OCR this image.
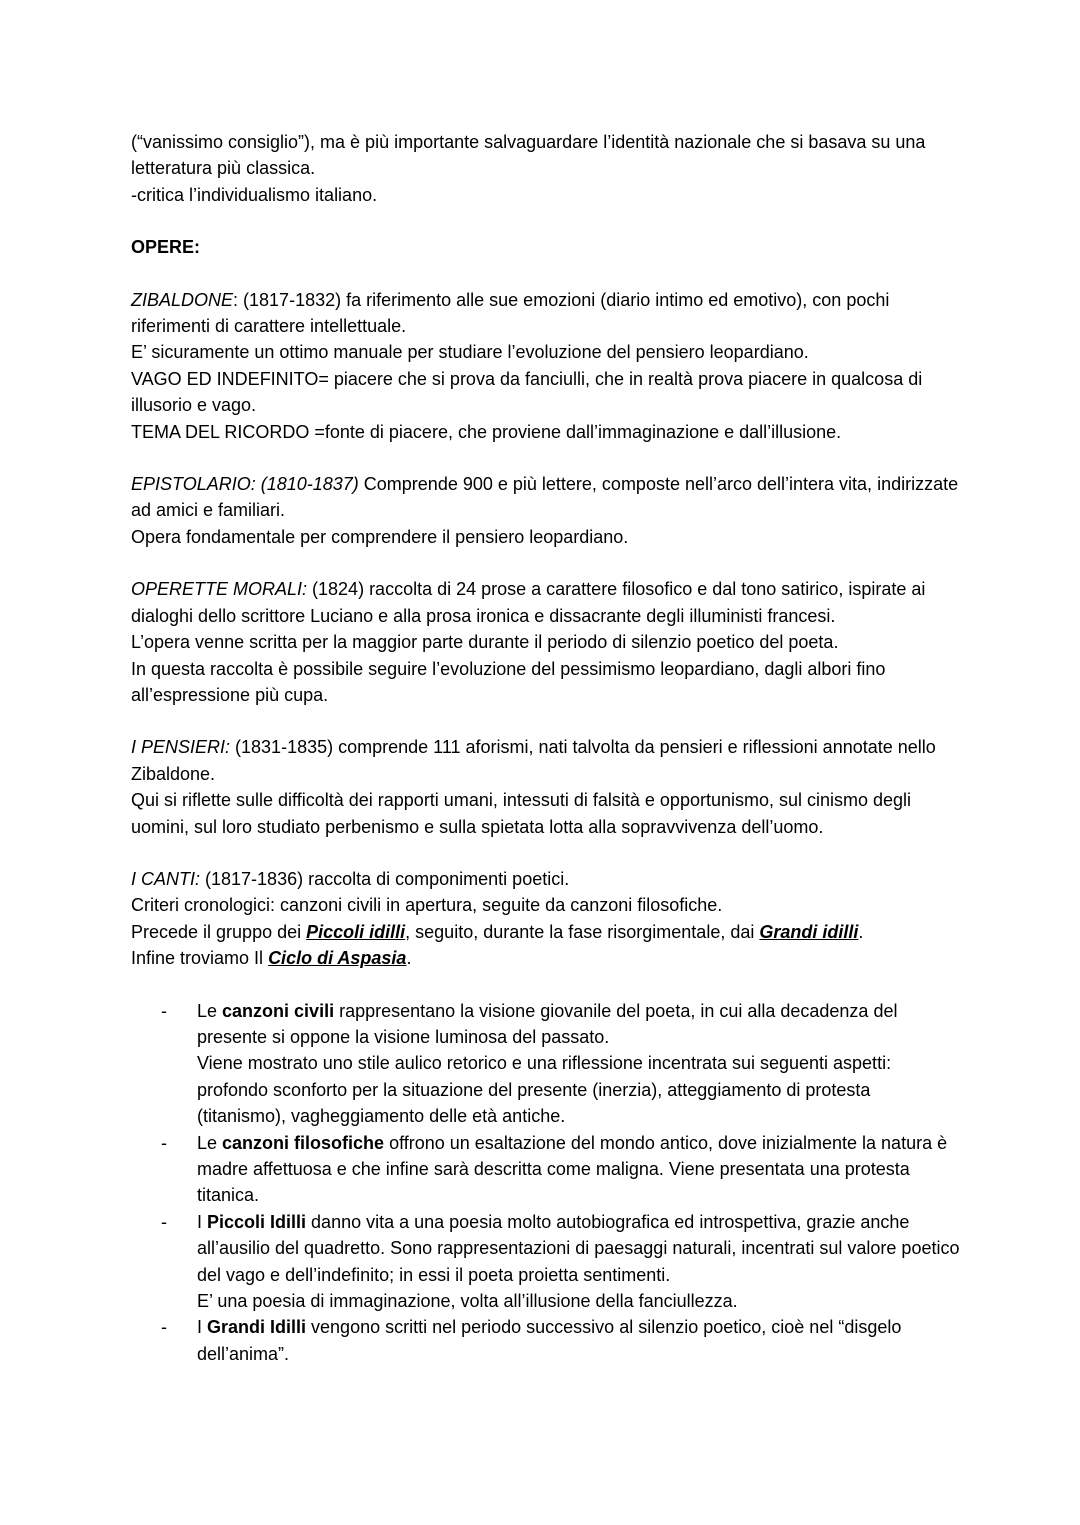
(“vanissimo consiglio”), ma è più importante salvaguardare l’identità nazionale che si basava su una letteratura più classica.

-critica l’individualismo italiano.

OPERE:

ZIBALDONE: (1817-1832) fa riferimento alle sue emozioni (diario intimo ed emotivo), con pochi riferimenti di carattere intellettuale.

E’ sicuramente un ottimo manuale per studiare l’evoluzione del pensiero leopardiano.

VAGO ED INDEFINITO= piacere che si prova da fanciulli, che in realtà prova piacere in qualcosa di illusorio e vago.

TEMA DEL RICORDO =fonte di piacere, che proviene dall’immaginazione e dall’illusione.

EPISTOLARIO: (1810-1837) Comprende 900 e più lettere, composte nell’arco dell’intera vita, indirizzate ad amici e familiari.

Opera fondamentale per comprendere il pensiero leopardiano.

OPERETTE MORALI: (1824) raccolta di 24 prose a carattere filosofico e dal tono satirico, ispirate ai dialoghi dello scrittore Luciano e alla prosa ironica e dissacrante degli illuministi francesi.

L’opera venne scritta per la maggior parte durante il periodo di silenzio poetico del poeta.

In questa raccolta è possibile seguire l’evoluzione del pessimismo leopardiano, dagli albori fino all’espressione più cupa.

I PENSIERI: (1831-1835) comprende 111 aforismi, nati talvolta da pensieri e riflessioni annotate nello Zibaldone.

Qui si riflette sulle difficoltà dei rapporti umani, intessuti di falsità e opportunismo, sul cinismo degli uomini, sul loro studiato perbenismo e sulla spietata lotta alla sopravvivenza dell’uomo.

I CANTI: (1817-1836) raccolta di componimenti poetici.

Criteri cronologici: canzoni civili in apertura, seguite da canzoni filosofiche.

Precede il gruppo dei Piccoli idilli, seguito, durante la fase risorgimentale, dai Grandi idilli.

Infine troviamo Il Ciclo di Aspasia.

- Le canzoni civili rappresentano la visione giovanile del poeta, in cui alla decadenza del presente si oppone la visione luminosa del passato.
Viene mostrato uno stile aulico retorico e una riflessione incentrata sui seguenti aspetti: profondo sconforto per la situazione del presente (inerzia), atteggiamento di protesta (titanismo), vagheggiamento delle età antiche.
- Le canzoni filosofiche offrono un esaltazione del mondo antico, dove inizialmente la natura è madre affettuosa e che infine sarà descritta come maligna. Viene presentata una protesta titanica.
- I Piccoli Idilli danno vita a una poesia molto autobiografica ed introspettiva, grazie anche all’ausilio del quadretto. Sono rappresentazioni di paesaggi naturali, incentrati sul valore poetico del vago e dell’indefinito; in essi il poeta proietta sentimenti.
E’ una poesia di immaginazione, volta all’illusione della fanciullezza.
- I Grandi Idilli vengono scritti nel periodo successivo al silenzio poetico, cioè nel “disgelo dell’anima”.
